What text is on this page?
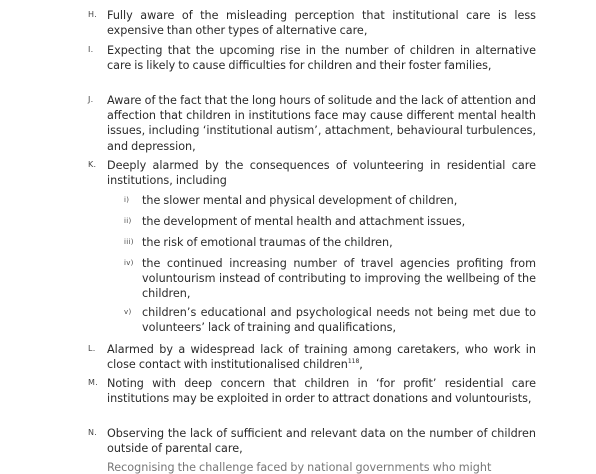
H. Fully aware of the misleading perception that institutional care is less expensive than other types of alternative care,
I. Expecting that the upcoming rise in the number of children in alternative care is likely to cause difficulties for children and their foster families,
J. Aware of the fact that the long hours of solitude and the lack of attention and affection that children in institutions face may cause different mental health issues, including ‘institutional autism’, attachment, behavioural turbulences, and depression,
K. Deeply alarmed by the consequences of volunteering in residential care institutions, including
i) the slower mental and physical development of children,
ii) the development of mental health and attachment issues,
iii) the risk of emotional traumas of the children,
iv) the continued increasing number of travel agencies profiting from voluntourism instead of contributing to improving the wellbeing of the children,
v) children’s educational and psychological needs not being met due to volunteers’ lack of training and qualifications,
L. Alarmed by a widespread lack of training among caretakers, who work in close contact with institutionalised children$^{118}$,
M. Noting with deep concern that children in ‘for profit’ residential care institutions may be exploited in order to attract donations and voluntourists,
N. Observing the lack of sufficient and relevant data on the number of children outside of parental care,
Recognising the challenge faced by national governments who might
